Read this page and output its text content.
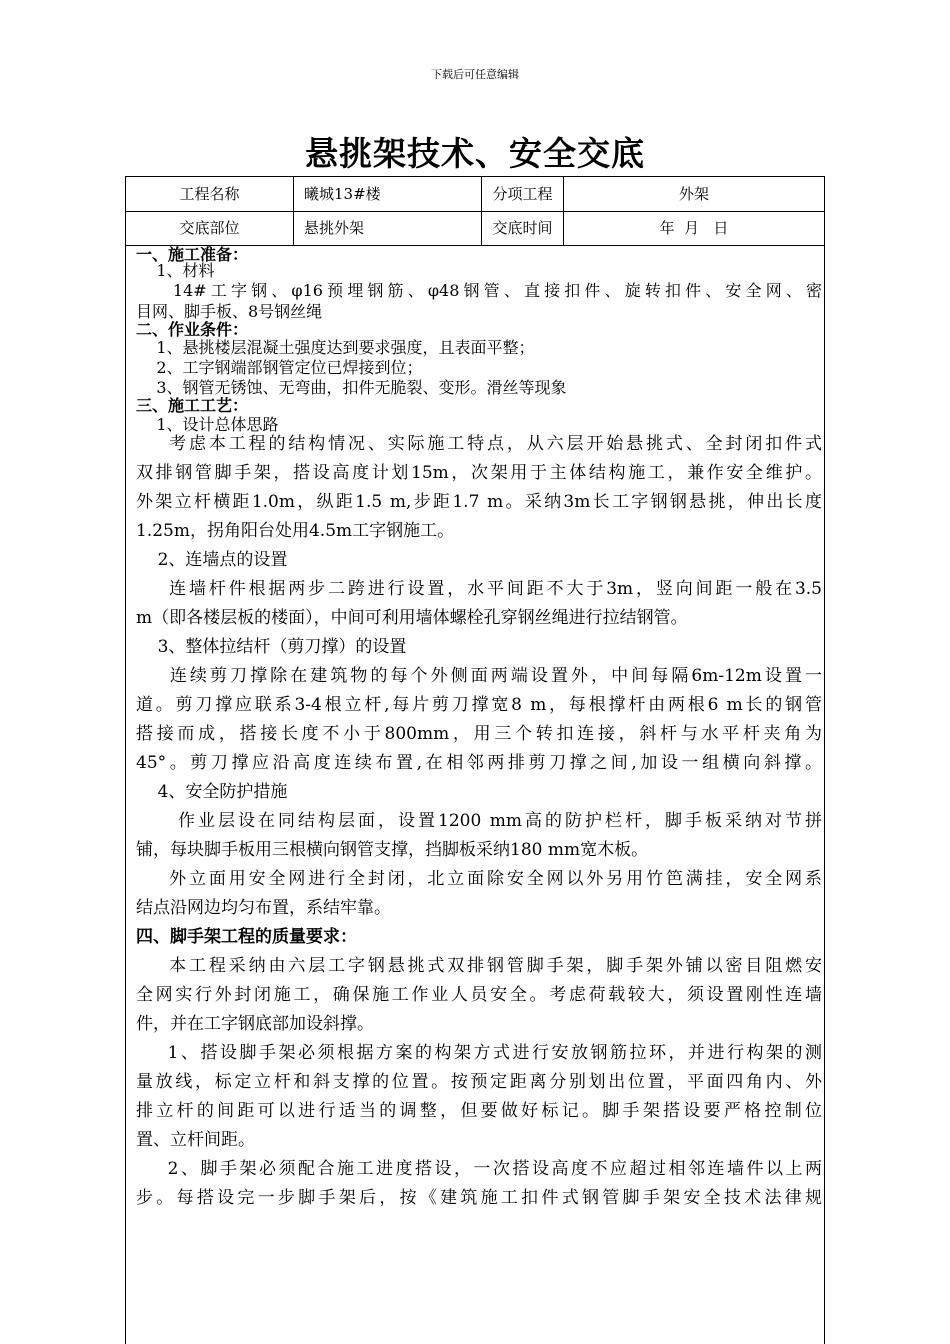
下载后可任意编辑
悬挑架技术、安全交底
工程名称	曦城13#楼	分项工程	外架
交底部位	悬挑外架	交底时间	年  月   日
一、施工准备：
1、材料
14#工字钢、φ16预埋钢筋、φ48钢管、直接扣件、旋转扣件、安全网、密
目网、脚手板、8号钢丝绳
二、作业条件：
1、悬挑楼层混凝土强度达到要求强度，且表面平整；
2、工字钢端部钢管定位已焊接到位；
3、钢管无锈蚀、无弯曲，扣件无脆裂、变形。滑丝等现象
三、施工工艺：
1、设计总体思路
考虑本工程的结构情况、实际施工特点，从六层开始悬挑式、全封闭扣件式
双排钢管脚手架，搭设高度计划15m，次架用于主体结构施工，兼作安全维护。
外架立杆横距1.0m，纵距1.5 m,步距1.7 m。采纳3m长工字钢钢悬挑，伸出长度
1.25m，拐角阳台处用4.5m工字钢施工。
2、连墙点的设置
连墙杆件根据两步二跨进行设置，水平间距不大于3m，竖向间距一般在3.5
m（即各楼层板的楼面），中间可利用墙体螺栓孔穿钢丝绳进行拉结钢管。
3、整体拉结杆（剪刀撑）的设置
连续剪刀撑除在建筑物的每个外侧面两端设置外，中间每隔6m-12m设置一
道。剪刀撑应联系3-4根立杆,每片剪刀撑宽8 m，每根撑杆由两根6 m长的钢管
搭接而成，搭接长度不小于800mm，用三个转扣连接，斜杆与水平杆夹角为
45°。剪刀撑应沿高度连续布置,在相邻两排剪刀撑之间,加设一组横向斜撑。
4、安全防护措施
作业层设在同结构层面，设置1200 mm高的防护栏杆，脚手板采纳对节拼
铺，每块脚手板用三根横向钢管支撑，挡脚板采纳180 mm宽木板。
外立面用安全网进行全封闭，北立面除安全网以外另用竹笆满挂，安全网系
结点沿网边均匀布置，系结牢靠。
四、脚手架工程的质量要求：
本工程采纳由六层工字钢悬挑式双排钢管脚手架，脚手架外铺以密目阻燃安
全网实行外封闭施工，确保施工作业人员安全。考虑荷载较大，须设置刚性连墙
件，并在工字钢底部加设斜撑。
1、搭设脚手架必须根据方案的构架方式进行安放钢筋拉环，并进行构架的测
量放线，标定立杆和斜支撑的位置。按预定距离分别划出位置，平面四角内、外
排立杆的间距可以进行适当的调整，但要做好标记。脚手架搭设要严格控制位
置、立杆间距。
2、脚手架必须配合施工进度搭设，一次搭设高度不应超过相邻连墙件以上两
步。每搭设完一步脚手架后，按《建筑施工扣件式钢管脚手架安全技术法律规
